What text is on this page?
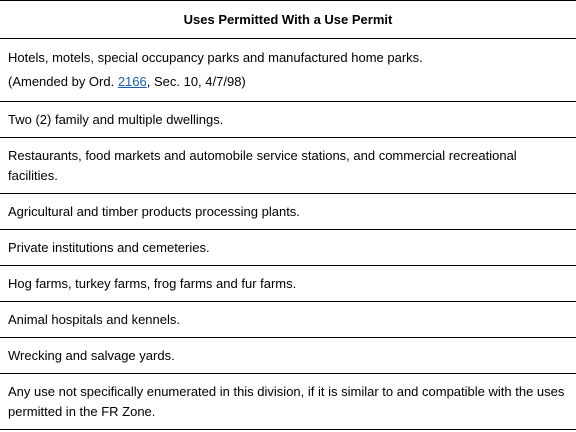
Uses Permitted With a Use Permit

Hotels, motels, special occupancy parks and manufactured home parks.
(Amended by Ord. 2166, Sec. 10, 4/7/98)

Two (2) family and multiple dwellings.
Restaurants, food markets and automobile service stations, and commercial recreational facilities.
Agricultural and timber products processing plants.
Private institutions and cemeteries.
Hog farms, turkey farms, frog farms and fur farms.
Animal hospitals and kennels.
Wrecking and salvage yards.
Any use not specifically enumerated in this division, if it is similar to and compatible with the uses permitted in the FR Zone.
